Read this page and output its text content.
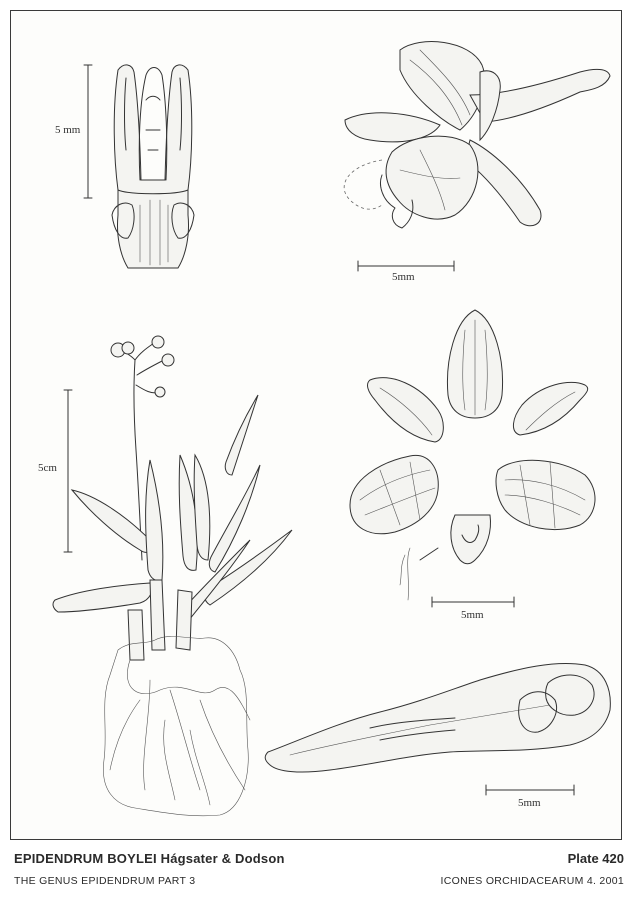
5 mm
5mm
5cm
5mm
5mm
EPIDENDRUM BOYLEI Hágsater & Dodson	Plate 420
THE GENUS EPIDENDRUM PART 3	ICONES ORCHIDACEARUM 4. 2001
